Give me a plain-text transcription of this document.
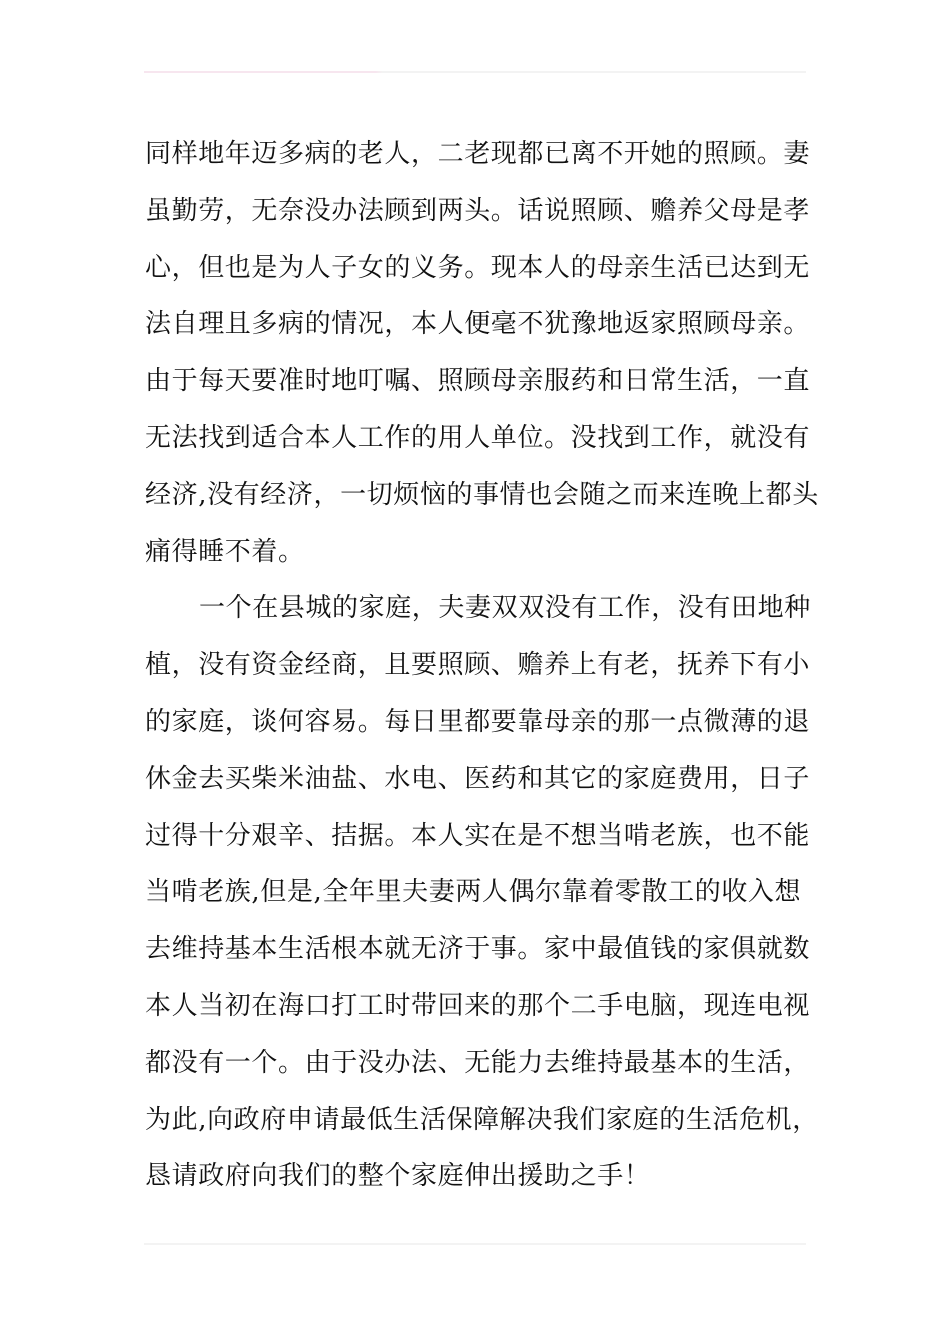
同样地年迈多病的老人，二老现都已离不开她的照顾。妻
虽勤劳，无奈没办法顾到两头。话说照顾、赡养父母是孝
心，但也是为人子女的义务。现本人的母亲生活已达到无
法自理且多病的情况，本人便毫不犹豫地返家照顾母亲。
由于每天要准时地叮嘱、照顾母亲服药和日常生活，一直
无法找到适合本人工作的用人单位。没找到工作，就没有
经济,没有经济，一切烦恼的事情也会随之而来连晚上都头
痛得睡不着。
一个在县城的家庭，夫妻双双没有工作，没有田地种
植，没有资金经商，且要照顾、赡养上有老，抚养下有小
的家庭，谈何容易。每日里都要靠母亲的那一点微薄的退
休金去买柴米油盐、水电、医药和其它的家庭费用，日子
过得十分艰辛、拮据。本人实在是不想当啃老族，也不能
当啃老族,但是,全年里夫妻两人偶尔靠着零散工的收入想
去维持基本生活根本就无济于事。家中最值钱的家俱就数
本人当初在海口打工时带回来的那个二手电脑，现连电视
都没有一个。由于没办法、无能力去维持最基本的生活，
为此,向政府申请最低生活保障解决我们家庭的生活危机，
恳请政府向我们的整个家庭伸出援助之手！
